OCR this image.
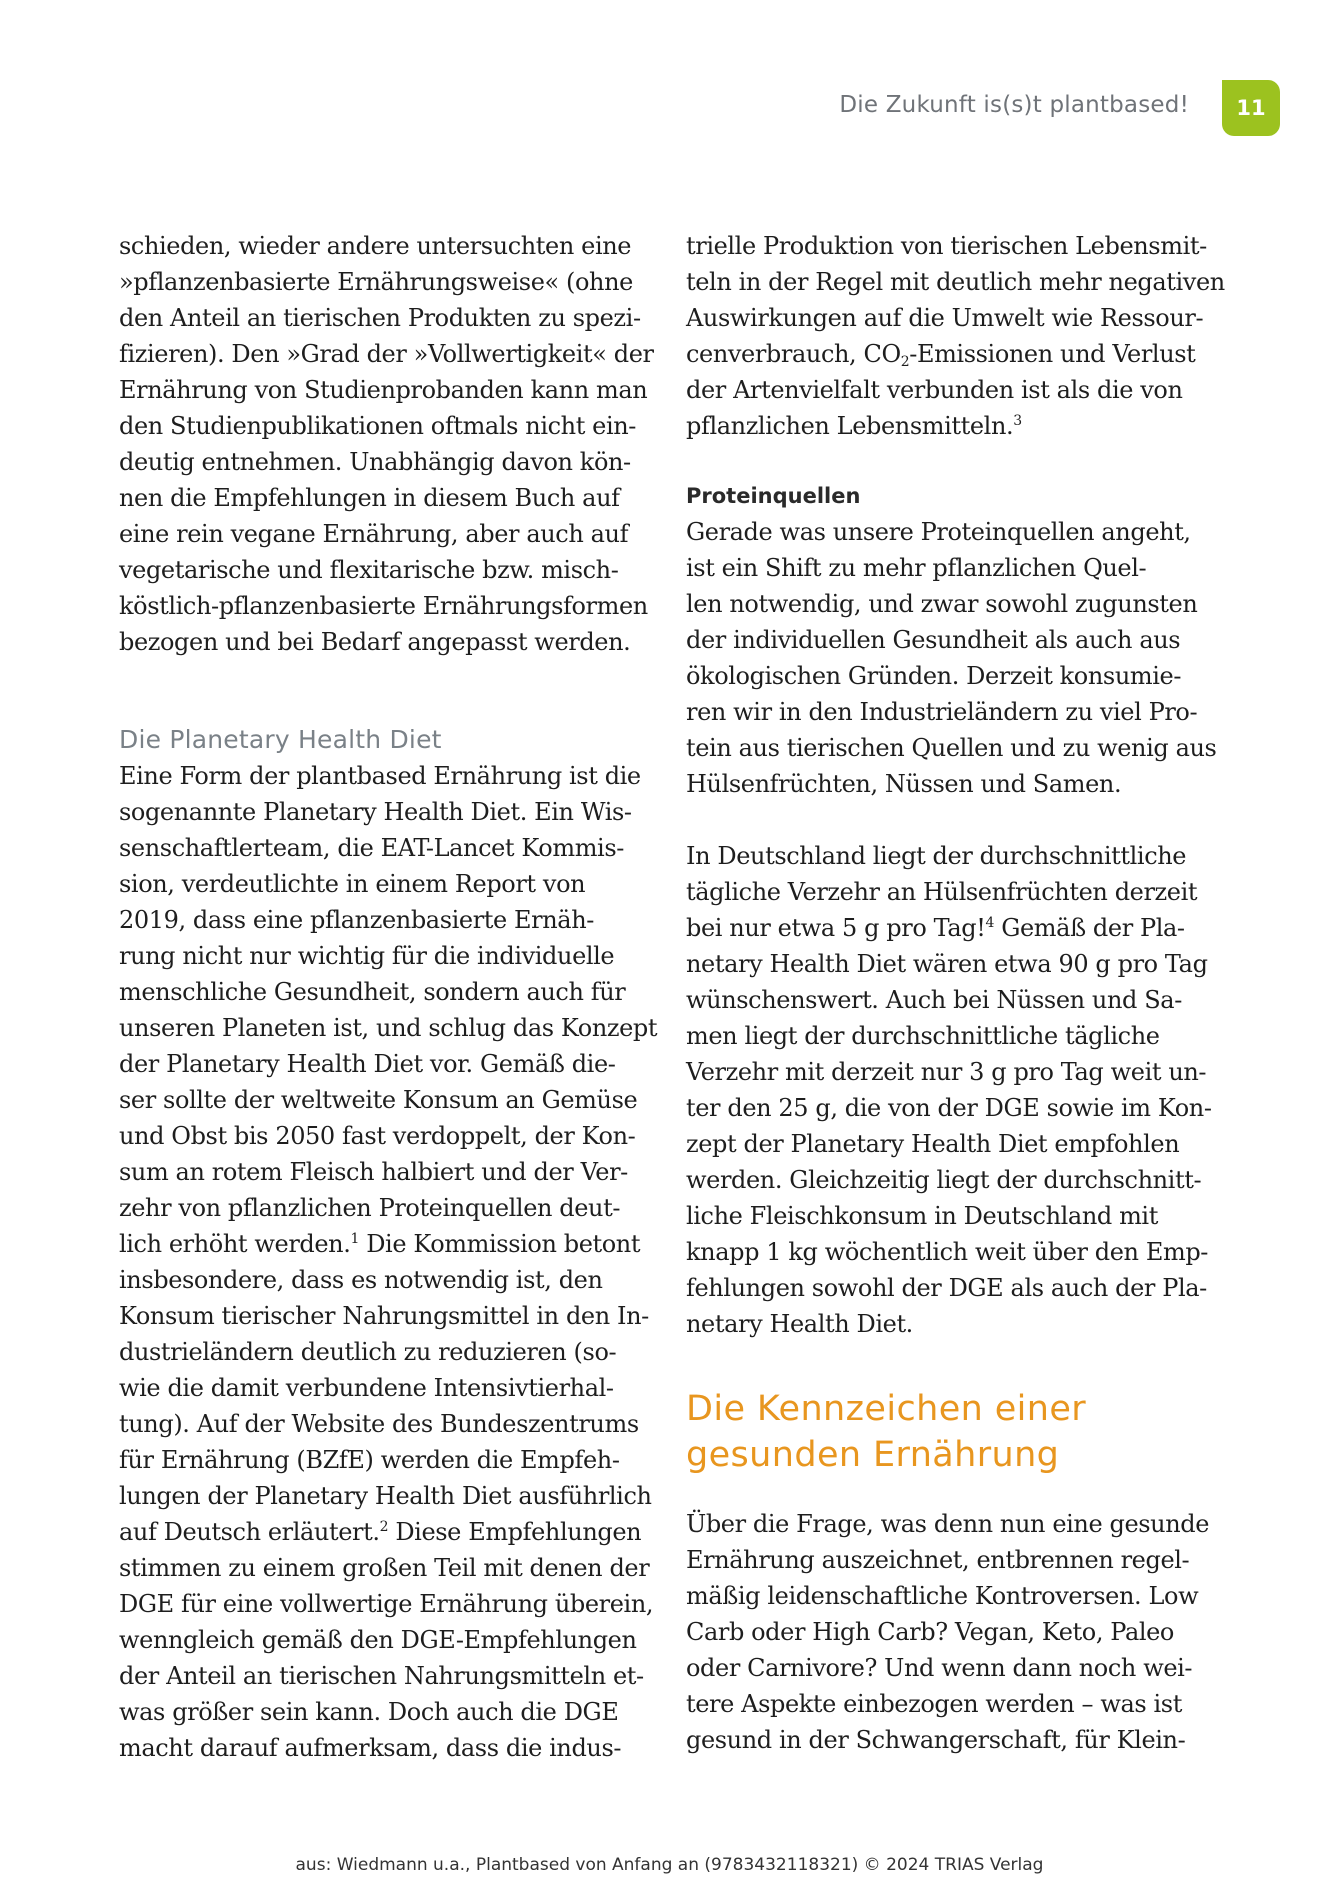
Die Zukunft is(s)t plantbased!	11
schieden, wieder andere untersuchten eine
»pflanzenbasierte Ernährungsweise« (ohne
den Anteil an tierischen Produkten zu spezi-
fizieren). Den »Grad der »Vollwertigkeit« der
Ernährung von Studienprobanden kann man
den Studienpublikationen oftmals nicht ein-
deutig entnehmen. Unabhängig davon kön-
nen die Empfehlungen in diesem Buch auf
eine rein vegane Ernährung, aber auch auf
vegetarische und flexitarische bzw. misch-
köstlich-pflanzenbasierte Ernährungsformen
bezogen und bei Bedarf angepasst werden.
Die Planetary Health Diet
Eine Form der plantbased Ernährung ist die
sogenannte Planetary Health Diet. Ein Wis-
senschaftlerteam, die EAT-Lancet Kommis-
sion, verdeutlichte in einem Report von
2019, dass eine pflanzenbasierte Ernäh-
rung nicht nur wichtig für die individuelle
menschliche Gesundheit, sondern auch für
unseren Planeten ist, und schlug das Konzept
der Planetary Health Diet vor. Gemäß die-
ser sollte der weltweite Konsum an Gemüse
und Obst bis 2050 fast verdoppelt, der Kon-
sum an rotem Fleisch halbiert und der Ver-
zehr von pflanzlichen Proteinquellen deut-
lich erhöht werden.$^1$ Die Kommission betont
insbesondere, dass es notwendig ist, den
Konsum tierischer Nahrungsmittel in den In-
dustrieländern deutlich zu reduzieren (so-
wie die damit verbundene Intensivtierhal-
tung). Auf der Website des Bundeszentrums
für Ernährung (BZfE) werden die Empfeh-
lungen der Planetary Health Diet ausführlich
auf Deutsch erläutert.$^2$ Diese Empfehlungen
stimmen zu einem großen Teil mit denen der
DGE für eine vollwertige Ernährung überein,
wenngleich gemäß den DGE-Empfehlungen
der Anteil an tierischen Nahrungsmitteln et-
was größer sein kann. Doch auch die DGE
macht darauf aufmerksam, dass die indus-
trielle Produktion von tierischen Lebensmit-
teln in der Regel mit deutlich mehr negativen
Auswirkungen auf die Umwelt wie Ressour-
cenverbrauch, $CO_2$-Emissionen und Verlust
der Artenvielfalt verbunden ist als die von
pflanzlichen Lebensmitteln.$^3$
Proteinquellen
Gerade was unsere Proteinquellen angeht,
ist ein Shift zu mehr pflanzlichen Quel-
len notwendig, und zwar sowohl zugunsten
der individuellen Gesundheit als auch aus
ökologischen Gründen. Derzeit konsumie-
ren wir in den Industrieländern zu viel Pro-
tein aus tierischen Quellen und zu wenig aus
Hülsenfrüchten, Nüssen und Samen.
In Deutschland liegt der durchschnittliche
tägliche Verzehr an Hülsenfrüchten derzeit
bei nur etwa 5 g pro Tag!$^4$ Gemäß der Pla-
netary Health Diet wären etwa 90 g pro Tag
wünschenswert. Auch bei Nüssen und Sa-
men liegt der durchschnittliche tägliche
Verzehr mit derzeit nur 3 g pro Tag weit un-
ter den 25 g, die von der DGE sowie im Kon-
zept der Planetary Health Diet empfohlen
werden. Gleichzeitig liegt der durchschnitt-
liche Fleischkonsum in Deutschland mit
knapp 1 kg wöchentlich weit über den Emp-
fehlungen sowohl der DGE als auch der Pla-
netary Health Diet.
Die Kennzeichen einer
gesunden Ernährung
Über die Frage, was denn nun eine gesunde
Ernährung auszeichnet, entbrennen regel-
mäßig leidenschaftliche Kontroversen. Low
Carb oder High Carb? Vegan, Keto, Paleo
oder Carnivore? Und wenn dann noch wei-
tere Aspekte einbezogen werden – was ist
gesund in der Schwangerschaft, für Klein-
aus: Wiedmann u.a., Plantbased von Anfang an (9783432118321) © 2024 TRIAS Verlag
